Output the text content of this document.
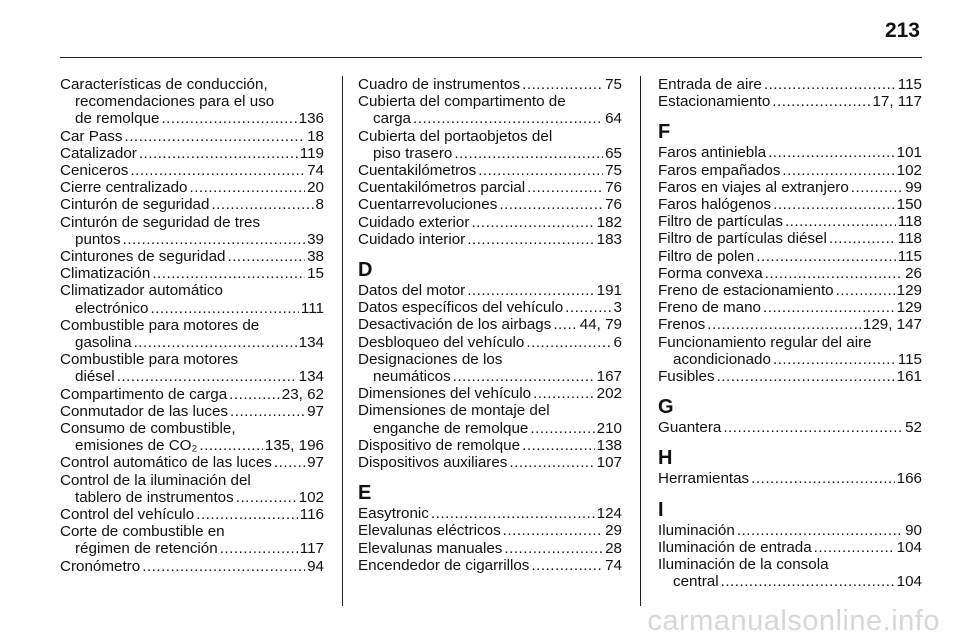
213
Características de conducción,
recomendaciones para el uso
de remolque .....	136
Car Pass .....	18
Catalizador .....	119
Ceniceros .....	74
Cierre centralizado .....	20
Cinturón de seguridad .....	8
Cinturón de seguridad de tres
puntos .....	39
Cinturones de seguridad .....	38
Climatización .....	15
Climatizador automático
electrónico .....	111
Combustible para motores de
gasolina .....	134
Combustible para motores
diésel .....	134
Compartimento de carga .....	23, 62
Conmutador de las luces .....	97
Consumo de combustible,
emisiones de CO₂ .....	135, 196
Control automático de las luces ..... 97
Control de la iluminación del
tablero de instrumentos .....	102
Control del vehículo .....	116
Corte de combustible en
régimen de retención .....	117
Cronómetro .....	94
Cuadro de instrumentos .....	75
Cubierta del compartimento de
carga .....	64
Cubierta del portaobjetos del
piso trasero .....	65
Cuentakilómetros .....	75
Cuentakilómetros parcial .....	76
Cuentarrevoluciones .....	76
Cuidado exterior .....	182
Cuidado interior .....	183
D
Datos del motor .....	191
Datos específicos del vehículo .....	3
Desactivación de los airbags ..... 44, 79
Desbloqueo del vehículo .....	6
Designaciones de los
neumáticos .....	167
Dimensiones del vehículo .....	202
Dimensiones de montaje del
enganche de remolque .....	210
Dispositivo de remolque .....	138
Dispositivos auxiliares .....	107
E
Easytronic .....	124
Elevalunas eléctricos .....	29
Elevalunas manuales .....	28
Encendedor de cigarrillos .....	74
Entrada de aire .....	115
Estacionamiento .....	17, 117
F
Faros antiniebla .....	101
Faros empañados .....	102
Faros en viajes al extranjero .....	99
Faros halógenos .....	150
Filtro de partículas .....	118
Filtro de partículas diésel .....	118
Filtro de polen .....	115
Forma convexa .....	26
Freno de estacionamiento .....	129
Freno de mano .....	129
Frenos .....	129, 147
Funcionamiento regular del aire
acondicionado .....	115
Fusibles .....	161
G
Guantera .....	52
H
Herramientas .....	166
I
Iluminación .....	90
Iluminación de entrada .....	104
Iluminación de la consola
central .....	104
carmanualsonline.info
